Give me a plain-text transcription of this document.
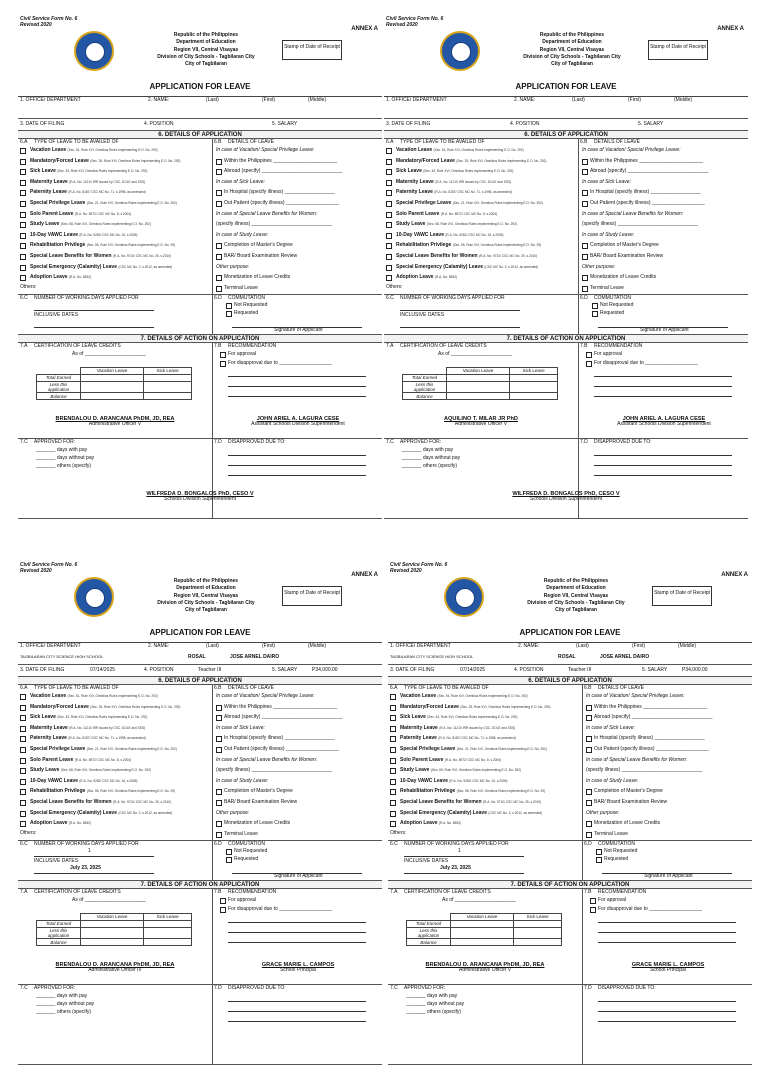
Civil Service Form No. 6
Revised 2020
ANNEX A
Republic of the Philippines
Department of Education
Region VII, Central Visayas
Division of City Schools - Tagbilaran City
City of Tagbilaran
Stamp of Date of Receipt
APPLICATION FOR LEAVE
1. OFFICE/ DEPARTMENT	2. NAME:	(Last)	(First)	(Middle)
3. DATE OF FILING	4. POSITION	5. SALARY
6. DETAILS OF APPLICATION
6.A TYPE OF LEAVE TO BE AVAILED OF
Vacation Leave (Sec. 51, Rule XVI, Omnibus Rules Implementing E.O. No. 292)
Mandatory/Forced Leave (Sec. 25, Rule XVI, Omnibus Rules Implementing E.O. No. 292)
Sick Leave (Sec. 43, Rule XVI, Omnibus Rules Implementing E.O. No. 292)
Maternity Leave (R.A. No. 11210 IRR issued by CSC, DOLE and SSS)
Paternity Leave (R.A. No. 8187/ CSC MC No. 71, s.1998, as amended)
Special Privilege Leave (Sec. 21, Rule XVI, Omnibus Rules Implementing E.O. No. 292)
Solo Parent Leave (R.A. No. 8972/ CSC MC No. 8, s.2004)
Study Leave (Sec. 68, Rule XVI, Omnibus Rules Implementing E.O. No. 292)
10-Day VAWC Leave (R.A. No. 9262/ CSC MC No. 15, s.2005)
Rehabilitation Privilege (Sec. 55, Rule XVI, Omnibus Rules Implementing E.O. No. 29)
Special Leave Benefits for Women (R.A. No. 9710/ CSC MC No. 25, s.2010)
Special Emergency (Calamity) Leave (CSC MC No. 2, s.2012, as amended)
Adoption Leave (R.A. No. 8552)
Others:
6.B DETAILS OF LEAVE
In case of Vacation/ Special Privilege Leave:
Within the Philippines _______________________
Abroad (specify) _____________________________
In case of Sick Leave:
In Hospital (specify illness) __________________
Out Patient (specify illness) ___________________
In case of Special Leave Benefits for Women:
(specify illness) _____________________________
In case of Study Leave:
Completion of Master's Degree
BAR/ Board Examination Review
Other purpose:
Monetization of Leave Credits
Terminal Leave
6.C NUMBER OF WORKING DAYS APPLIED FOR
INCLUSIVE DATES
6.D COMMUTATION
Not Requested
Requested
Signature of Applicant
7. DETAILS OF ACTION ON APPLICATION
7.A CERTIFICATION OF LEAVE CREDITS
As of ______________________
	Vacation Leave	Sick Leave
Total Earned		
Less this application		
Balance		
BRENDALOU D. ARANCANA PhDM, JD, REA
Administrative Officer V
7.B RECOMMENDATION
For approval
For disapproval due to ___________________
JOHN ARIEL A. LAGURA CESE
Assistant Schools Division Superintendent
7.C APPROVED FOR:
_______ days with pay
_______ days without pay
_______ others (specify)
WILFREDA D. BONGALOS PhD, CESO V
Schools Division Superintendent
7.D DISAPPROVED DUE TO:
Civil Service Form No. 6
Revised 2020
ANNEX A
Republic of the Philippines
Department of Education
Region VII, Central Visayas
Division of City Schools - Tagbilaran City
City of Tagbilaran
Stamp of Date of Receipt
APPLICATION FOR LEAVE
1. OFFICE/ DEPARTMENT	2. NAME:	(Last)	(First)	(Middle)
3. DATE OF FILING	4. POSITION	5. SALARY
6. DETAILS OF APPLICATION
6.A TYPE OF LEAVE TO BE AVAILED OF
Vacation Leave (Sec. 51, Rule XVI, Omnibus Rules Implementing E.O. No. 292)
Mandatory/Forced Leave (Sec. 25, Rule XVI, Omnibus Rules Implementing E.O. No. 292)
Sick Leave (Sec. 43, Rule XVI, Omnibus Rules Implementing E.O. No. 292)
Maternity Leave (R.A. No. 11210 IRR issued by CSC, DOLE and SSS)
Paternity Leave (R.A. No. 8187/ CSC MC No. 71, s.1998, as amended)
Special Privilege Leave (Sec. 21, Rule XVI, Omnibus Rules Implementing E.O. No. 292)
Solo Parent Leave (R.A. No. 8972/ CSC MC No. 8, s.2004)
Study Leave (Sec. 68, Rule XVI, Omnibus Rules Implementing E.O. No. 292)
10-Day VAWC Leave (R.A. No. 9262/ CSC MC No. 15, s.2005)
Rehabilitation Privilege (Sec. 55, Rule XVI, Omnibus Rules Implementing E.O. No. 29)
Special Leave Benefits for Women (R.A. No. 9710/ CSC MC No. 25, s.2010)
Special Emergency (Calamity) Leave (CSC MC No. 2, s.2012, as amended)
Adoption Leave (R.A. No. 8552)
Others:
6.B DETAILS OF LEAVE
In case of Vacation/ Special Privilege Leave:
Within the Philippines _______________________
Abroad (specify) _____________________________
In case of Sick Leave:
In Hospital (specify illness) __________________
Out Patient (specify illness) ___________________
In case of Special Leave Benefits for Women:
(specify illness) _____________________________
In case of Study Leave:
Completion of Master's Degree
BAR/ Board Examination Review
Other purpose:
Monetization of Leave Credits
Terminal Leave
6.C NUMBER OF WORKING DAYS APPLIED FOR
INCLUSIVE DATES
6.D COMMUTATION
Not Requested
Requested
Signature of Applicant
7. DETAILS OF ACTION ON APPLICATION
7.A CERTIFICATION OF LEAVE CREDITS
As of ______________________
	Vacation Leave	Sick Leave
Total Earned		
Less this application		
Balance		
AQUILINO T. MILAR JR PhD
Administrative Officer V
7.B RECOMMENDATION
For approval
For disapproval due to ___________________
JOHN ARIEL A. LAGURA CESE
Assistant Schools Division Superintendent
7.C APPROVED FOR:
_______ days with pay
_______ days without pay
_______ others (specify)
WILFREDA D. BONGALOS PhD, CESO V
Schools Division Superintendent
7.D DISAPPROVED DUE TO:
Civil Service Form No. 6
Revised 2020
ANNEX A
Republic of the Philippines
Department of Education
Region VII, Central Visayas
Division of City Schools - Tagbilaran City
City of Tagbilaran
Stamp of Date of Receipt
APPLICATION FOR LEAVE
1. OFFICE/ DEPARTMENT	2. NAME:	(Last)	(First)	(Middle)
TAGBILARAN CITY SCIENCE HIGH SCHOOL	ROSAL	JOSE ARNEL DAIRO
3. DATE OF FILING	07/14/2025	4. POSITION	Teacher III	5. SALARY	P34,000.00
6. DETAILS OF APPLICATION
6.A TYPE OF LEAVE TO BE AVAILED OF
Vacation Leave (Sec. 51, Rule XVI, Omnibus Rules Implementing E.O. No. 292)
Mandatory/Forced Leave (Sec. 25, Rule XVI, Omnibus Rules Implementing E.O. No. 292)
Sick Leave (Sec. 43, Rule XVI, Omnibus Rules Implementing E.O. No. 292)
Maternity Leave (R.A. No. 11210 IRR issued by CSC, DOLE and SSS)
Paternity Leave (R.A. No. 8187/ CSC MC No. 71, s.1998, as amended)
Special Privilege Leave (Sec. 21, Rule XVI, Omnibus Rules Implementing E.O. No. 292)
Solo Parent Leave (R.A. No. 8972/ CSC MC No. 8, s.2004)
Study Leave (Sec. 68, Rule XVI, Omnibus Rules Implementing E.O. No. 292)
10-Day VAWC Leave (R.A. No. 9262/ CSC MC No. 15, s.2005)
Rehabilitation Privilege (Sec. 55, Rule XVI, Omnibus Rules Implementing E.O. No. 29)
Special Leave Benefits for Women (R.A. No. 9710/ CSC MC No. 25, s.2010)
Special Emergency (Calamity) Leave (CSC MC No. 2, s.2012, as amended)
Adoption Leave (R.A. No. 8552)
Others:
6.B DETAILS OF LEAVE
In case of Vacation/ Special Privilege Leave:
Within the Philippines _______________________
Abroad (specify) _____________________________
In case of Sick Leave:
In Hospital (specify illness) __________________
Out Patient (specify illness) ___________________
In case of Special Leave Benefits for Women:
(specify illness) _____________________________
In case of Study Leave:
Completion of Master's Degree
BAR/ Board Examination Review
Other purpose:
Monetization of Leave Credits
Terminal Leave
6.C NUMBER OF WORKING DAYS APPLIED FOR
1
INCLUSIVE DATES
July 23, 2025
6.D COMMUTATION
Not Requested
Requested
Signature of Applicant
7. DETAILS OF ACTION ON APPLICATION
7.A CERTIFICATION OF LEAVE CREDITS
As of ______________________
	Vacation Leave	Sick Leave
Total Earned		
Less this application		
Balance		
BRENDALOU D. ARANCANA PhDM, JD, REA
Administrative Officer IV
7.B RECOMMENDATION
For approval
For disapproval due to ___________________
GRACE MARIE L. CAMPOS
School Principal
7.C APPROVED FOR:
_______ days with pay
_______ days without pay
_______ others (specify)
7.D DISAPPROVED DUE TO:
Civil Service Form No. 6
Revised 2020
ANNEX A
Republic of the Philippines
Department of Education
Region VII, Central Visayas
Division of City Schools - Tagbilaran City
City of Tagbilaran
Stamp of Date of Receipt
APPLICATION FOR LEAVE
1. OFFICE/ DEPARTMENT	2. NAME:	(Last)	(First)	(Middle)
TAGBILARAN CITY SCIENCE HIGH SCHOOL	ROSAL	JOSE ARNEL DAIRO
3. DATE OF FILING	07/14/2025	4. POSITION	Teacher III	5. SALARY	P34,000.00
6. DETAILS OF APPLICATION
6.A TYPE OF LEAVE TO BE AVAILED OF
Vacation Leave (Sec. 51, Rule XVI, Omnibus Rules Implementing E.O. No. 292)
Mandatory/Forced Leave (Sec. 25, Rule XVI, Omnibus Rules Implementing E.O. No. 292)
Sick Leave (Sec. 43, Rule XVI, Omnibus Rules Implementing E.O. No. 292)
Maternity Leave (R.A. No. 11210 IRR issued by CSC, DOLE and SSS)
Paternity Leave (R.A. No. 8187/ CSC MC No. 71, s.1998, as amended)
Special Privilege Leave (Sec. 21, Rule XVI, Omnibus Rules Implementing E.O. No. 292)
Solo Parent Leave (R.A. No. 8972/ CSC MC No. 8, s.2004)
Study Leave (Sec. 68, Rule XVI, Omnibus Rules Implementing E.O. No. 292)
10-Day VAWC Leave (R.A. No. 9262/ CSC MC No. 15, s.2005)
Rehabilitation Privilege (Sec. 55, Rule XVI, Omnibus Rules Implementing E.O. No. 29)
Special Leave Benefits for Women (R.A. No. 9710/ CSC MC No. 25, s.2010)
Special Emergency (Calamity) Leave (CSC MC No. 2, s.2012, as amended)
Adoption Leave (R.A. No. 8552)
Others:
6.B DETAILS OF LEAVE
In case of Vacation/ Special Privilege Leave:
Within the Philippines _______________________
Abroad (specify) _____________________________
In case of Sick Leave:
In Hospital (specify illness) __________________
Out Patient (specify illness) ___________________
In case of Special Leave Benefits for Women:
(specify illness) _____________________________
In case of Study Leave:
Completion of Master's Degree
BAR/ Board Examination Review
Other purpose:
Monetization of Leave Credits
Terminal Leave
6.C NUMBER OF WORKING DAYS APPLIED FOR
1
INCLUSIVE DATES
July 23, 2025
6.D COMMUTATION
Not Requested
Requested
Signature of Applicant
7. DETAILS OF ACTION ON APPLICATION
7.A CERTIFICATION OF LEAVE CREDITS
As of ______________________
	Vacation Leave	Sick Leave
Total Earned		
Less this application		
Balance		
BRENDALOU D. ARANCANA PhDM, JD, REA
Administrative Officer V
7.B RECOMMENDATION
For approval
For disapproval due to ___________________
GRACE MARIE L. CAMPOS
School Principal
7.C APPROVED FOR:
_______ days with pay
_______ days without pay
_______ others (specify)
7.D DISAPPROVED DUE TO:
